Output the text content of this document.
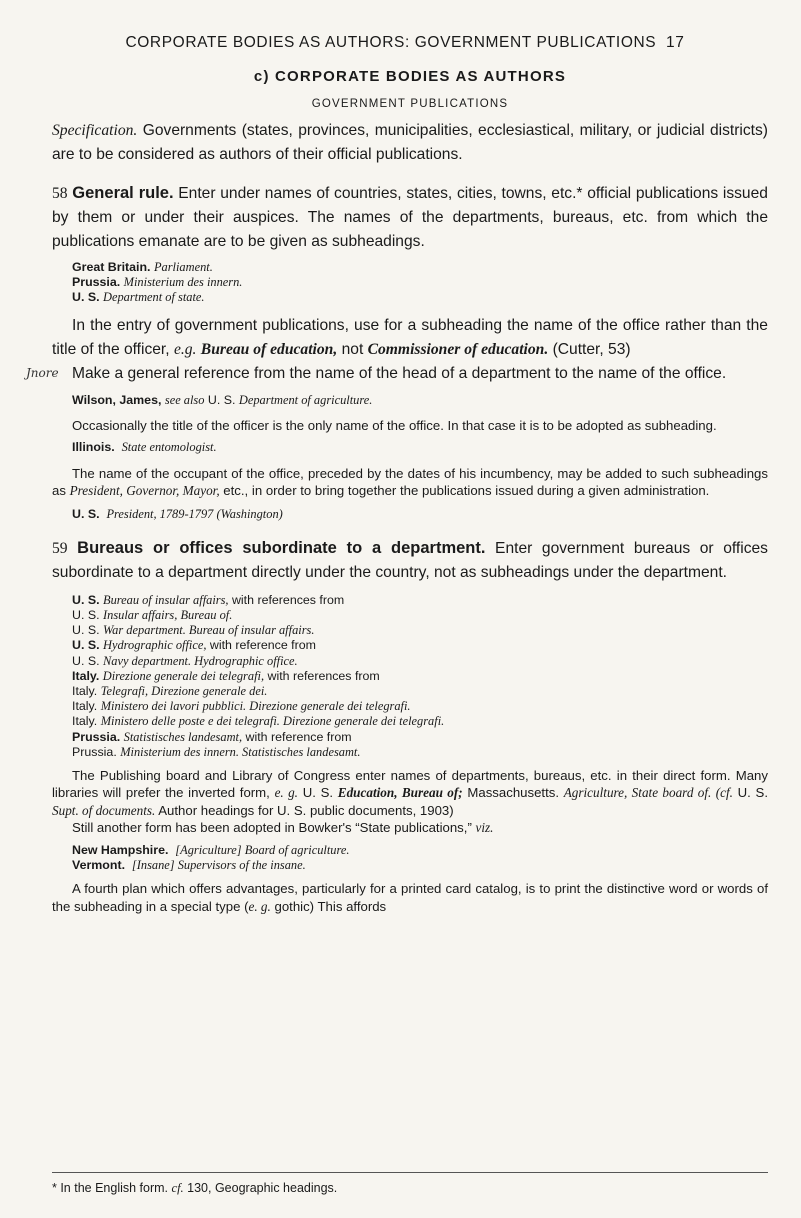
CORPORATE BODIES AS AUTHORS: GOVERNMENT PUBLICATIONS 17
c) CORPORATE BODIES AS AUTHORS
GOVERNMENT PUBLICATIONS

Specification. Governments (states, provinces, municipalities, ecclesiastical, military, or judicial districts) are to be considered as authors of their official publications.

58 General rule. Enter under names of countries, states, cities, towns, etc.* official publications issued by them or under their auspices. The names of the departments, bureaus, etc. from which the publications emanate are to be given as subheadings.

Great Britain. Parliament.
Prussia. Ministerium des innern.
U. S. Department of state.

In the entry of government publications, use for a subheading the name of the office rather than the title of the officer, e.g. Bureau of education, not Commissioner of education. (Cutter, 53)

Jnore Make a general reference from the name of the head of a department to the name of the office.

Wilson, James, see also U. S. Department of agriculture.

Occasionally the title of the officer is the only name of the office. In that case it is to be adopted as subheading.

Illinois. State entomologist.

The name of the occupant of the office, preceded by the dates of his incumbency, may be added to such subheadings as President, Governor, Mayor, etc., in order to bring together the publications issued during a given administration.

U. S. President, 1789-1797 (Washington)

59 Bureaus or offices subordinate to a department. Enter government bureaus or offices subordinate to a department directly under the country, not as subheadings under the department.

U. S. Bureau of insular affairs, with references from
U. S. Insular affairs, Bureau of.
U. S. War department. Bureau of insular affairs.
U. S. Hydrographic office, with reference from
U. S. Navy department. Hydrographic office.
Italy. Direzione generale dei telegrafi, with references from
Italy. Telegrafi, Direzione generale dei.
Italy. Ministero dei lavori pubblici. Direzione generale dei telegrafi.
Italy. Ministero delle poste e dei telegrafi. Direzione generale dei telegrafi.
Prussia. Statistisches landesamt, with reference from
Prussia. Ministerium des innern. Statistisches landesamt.

The Publishing board and Library of Congress enter names of departments, bureaus, etc. in their direct form. Many libraries will prefer the inverted form, e. g. U. S. Education, Bureau of; Massachusetts. Agriculture, State board of. (cf. U. S. Supt. of documents. Author headings for U. S. public documents, 1903)

Still another form has been adopted in Bowker's “State publications,” viz.

New Hampshire. [Agriculture] Board of agriculture.
Vermont. [Insane] Supervisors of the insane.

A fourth plan which offers advantages, particularly for a printed card catalog, is to print the distinctive word or words of the subheading in a special type (e. g. gothic) This affords

* In the English form. cf. 130, Geographic headings.
